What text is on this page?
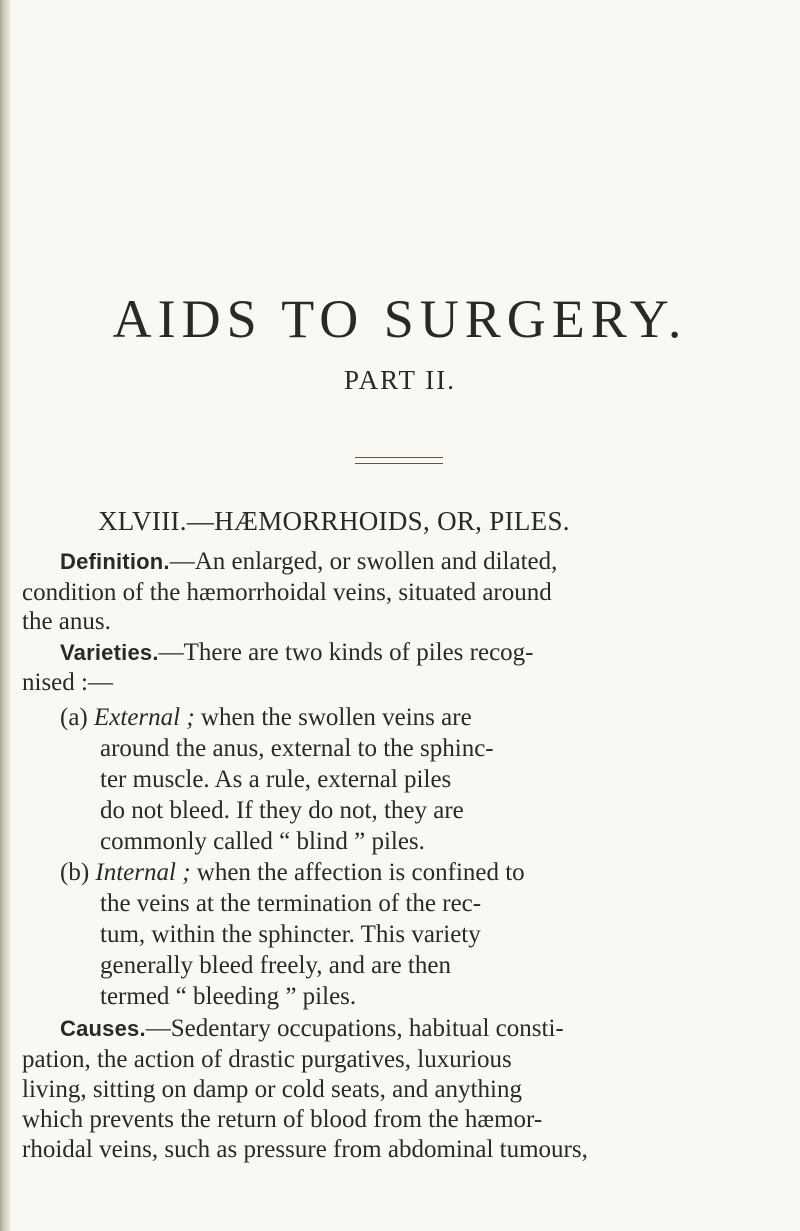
AIDS TO SURGERY.
PART II.
XLVIII.—HÆMORRHOIDS, OR, PILES.
Definition.—An enlarged, or swollen and dilated,
condition of the hæmorrhoidal veins, situated around
the anus.
Varieties.—There are two kinds of piles recog-
nised :—
(a) External ; when the swollen veins are
around the anus, external to the sphinc-
ter muscle. As a rule, external piles
do not bleed. If they do not, they are
commonly called “ blind ” piles.
(b) Internal ; when the affection is confined to
the veins at the termination of the rec-
tum, within the sphincter. This variety
generally bleed freely, and are then
termed “ bleeding ” piles.
Causes.—Sedentary occupations, habitual consti-
pation, the action of drastic purgatives, luxurious
living, sitting on damp or cold seats, and anything
which prevents the return of blood from the hæmor-
rhoidal veins, such as pressure from abdominal tumours,
